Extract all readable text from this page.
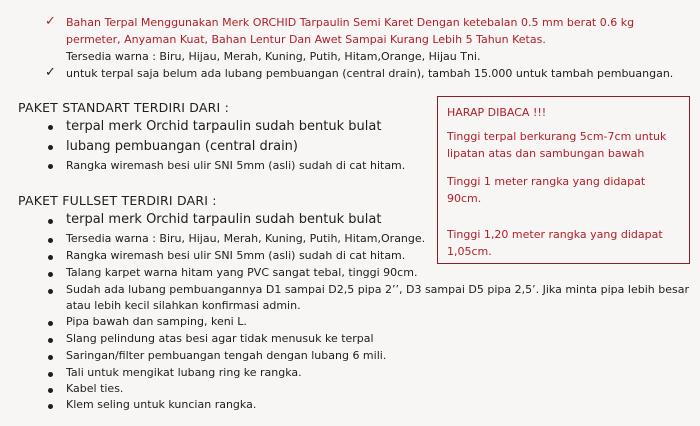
✓ Bahan Terpal Menggunakan Merk ORCHID Tarpaulin Semi Karet Dengan ketebalan 0.5 mm berat 0.6 kg
permeter, Anyaman Kuat, Bahan Lentur Dan Awet Sampai Kurang Lebih 5 Tahun Ketas.
Tersedia warna : Biru, Hijau, Merah, Kuning, Putih, Hitam,Orange, Hijau Tni.
✓ untuk terpal saja belum ada lubang pembuangan (central drain), tambah 15.000 untuk tambah pembuangan.
PAKET STANDART TERDIRI DARI :
terpal merk Orchid tarpaulin sudah bentuk bulat
lubang pembuangan (central drain)
Rangka wiremash besi ulir SNI 5mm (asli) sudah di cat hitam.
PAKET FULLSET TERDIRI DARI :
terpal merk Orchid tarpaulin sudah bentuk bulat
Tersedia warna : Biru, Hijau, Merah, Kuning, Putih, Hitam,Orange.
Rangka wiremash besi ulir SNI 5mm (asli) sudah di cat hitam.
Talang karpet warna hitam yang PVC sangat tebal, tinggi 90cm.
Sudah ada lubang pembuangannya D1 sampai D2,5 pipa 2’’, D3 sampai D5 pipa 2,5’. Jika minta pipa lebih besar
atau lebih kecil silahkan konfirmasi admin.
Pipa bawah dan samping, keni L.
Slang pelindung atas besi agar tidak menusuk ke terpal
Saringan/filter pembuangan tengah dengan lubang 6 mili.
Tali untuk mengikat lubang ring ke rangka.
Kabel ties.
Klem seling untuk kuncian rangka.
HARAP DIBACA !!!
Tinggi terpal berkurang 5cm-7cm untuk
lipatan atas dan sambungan bawah
Tinggi 1 meter rangka yang didapat
90cm.
Tinggi 1,20 meter rangka yang didapat
1,05cm.
